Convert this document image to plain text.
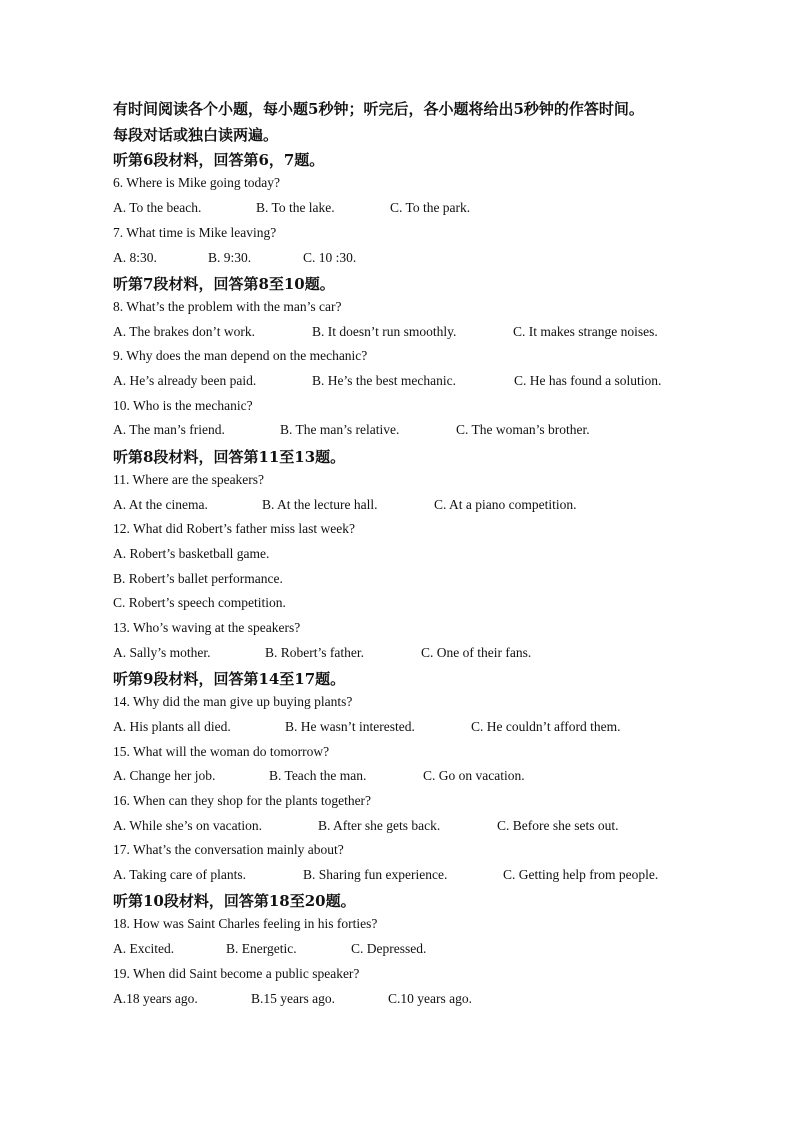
有时间阅读各个小题，每小题5秒钟；听完后，各小题将给出5秒钟的作答时间。
每段对话或独白读两遍。
听第6段材料，回答第6，7题。
6. Where is Mike going today?
A. To the beach.	B. To the lake.	C. To the park.
7. What time is Mike leaving?
A. 8:30.	B. 9:30.	C. 10 :30.
听第7段材料，回答第8至10题。
8. What’s the problem with the man’s car?
A. The brakes don’t work.	B. It doesn’t run smoothly.	C. It makes strange noises.
9. Why does the man depend on the mechanic?
A. He’s already been paid.	B. He’s the best mechanic.	C. He has found a solution.
10. Who is the mechanic?
A. The man’s friend.	B. The man’s relative.	C. The woman’s brother.
听第8段材料，回答第11至13题。
11. Where are the speakers?
A. At the cinema.	B. At the lecture hall.	C. At a piano competition.
12. What did Robert’s father miss last week?
A. Robert’s basketball game.
B. Robert’s ballet performance.
C. Robert’s speech competition.
13. Who’s waving at the speakers?
A. Sally’s mother.	B. Robert’s father.	C. One of their fans.
听第9段材料，回答第14至17题。
14. Why did the man give up buying plants?
A. His plants all died.	B. He wasn’t interested.	C. He couldn’t afford them.
15. What will the woman do tomorrow?
A. Change her job.	B. Teach the man.	C. Go on vacation.
16. When can they shop for the plants together?
A. While she’s on vacation.	B. After she gets back.	C. Before she sets out.
17. What’s the conversation mainly about?
A. Taking care of plants.	B. Sharing fun experience.	C. Getting help from people.
听第10段材料，回答第18至20题。
18. How was Saint Charles feeling in his forties?
A. Excited.	B. Energetic.	C. Depressed.
19. When did Saint become a public speaker?
A.18 years ago.	B.15 years ago.	C.10 years ago.
